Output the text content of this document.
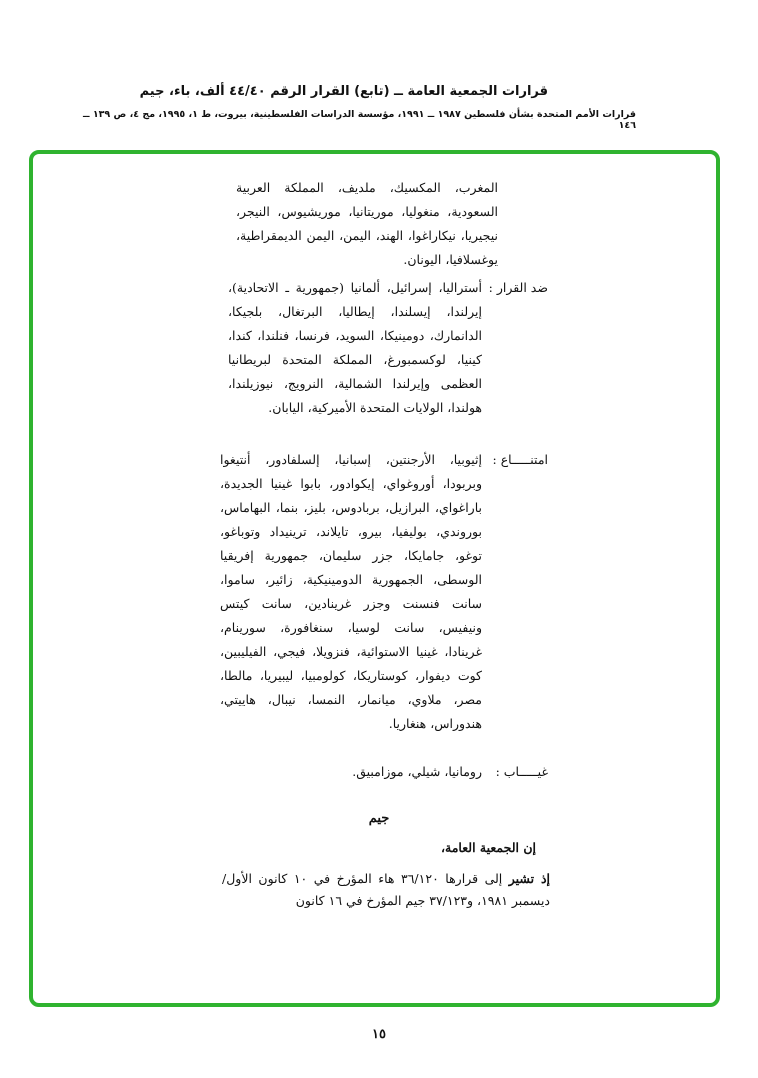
قرارات الجمعية العامة ــ (تابع) القرار الرقم ٤٤/٤٠ ألف، باء، جيم
قرارات الأمم المتحدة بشأن فلسطين ١٩٨٧ ــ ١٩٩١، مؤسسة الدراسات الفلسطينية، بيروت، ط ١، ١٩٩٥، مج ٤، ص ١٣٩ ــ ١٤٦
المغرب، المكسيك، ملديف، المملكة العربية السعودية، منغوليا، موريتانيا، موريشيوس، النيجر، نيجيريا، نيكاراغوا، الهند، اليمن، اليمن الديمقراطية، يوغسلافيا، اليونان.
ضد القرار :
أستراليا، إسرائيل، ألمانيا (جمهورية ـ الاتحادية)، إيرلندا، إيسلندا، إيطاليا، البرتغال، بلجيكا، الدانمارك، دومينيكا، السويد، فرنسا، فنلندا، كندا، كينيا، لوكسمبورغ، المملكة المتحدة لبريطانيا العظمى وإيرلندا الشمالية، النرويج، نيوزيلندا، هولندا، الولايات المتحدة الأميركية، اليابان.
امتنـــــاع :
إثيوبيا، الأرجنتين، إسبانيا، إلسلفادور، أنتيغوا وبربودا، أوروغواي، إيكوادور، بابوا غينيا الجديدة، باراغواي، البرازيل، بربادوس، بليز، بنما، البهاماس، بوروندي، بوليفيا، بيرو، تايلاند، ترينيداد وتوباغو، توغو، جامايكا، جزر سليمان، جمهورية إفريقيا الوسطى، الجمهورية الدومينيكية، زائير، ساموا، سانت فنسنت وجزر غرينادين، سانت كيتس ونيفيس، سانت لوسيا، سنغافورة، سورينام، غرينادا، غينيا الاستوائية، فنزويلا، فيجي، الفيليبين، كوت ديفوار، كوستاريكا، كولومبيا، ليبيريا، مالطا، مصر، ملاوي، ميانمار، النمسا، نيبال، هاييتي، هندوراس، هنغاريا.
غيـــــاب :
رومانيا، شيلي، موزامبيق.
جيم
إن الجمعية العامة،
إذ تشير إلى قرارها ٣٦/١٢٠ هاء المؤرخ في ١٠ كانون الأول/ديسمبر ١٩٨١، و٣٧/١٢٣ جيم المؤرخ في ١٦ كانون
١٥
